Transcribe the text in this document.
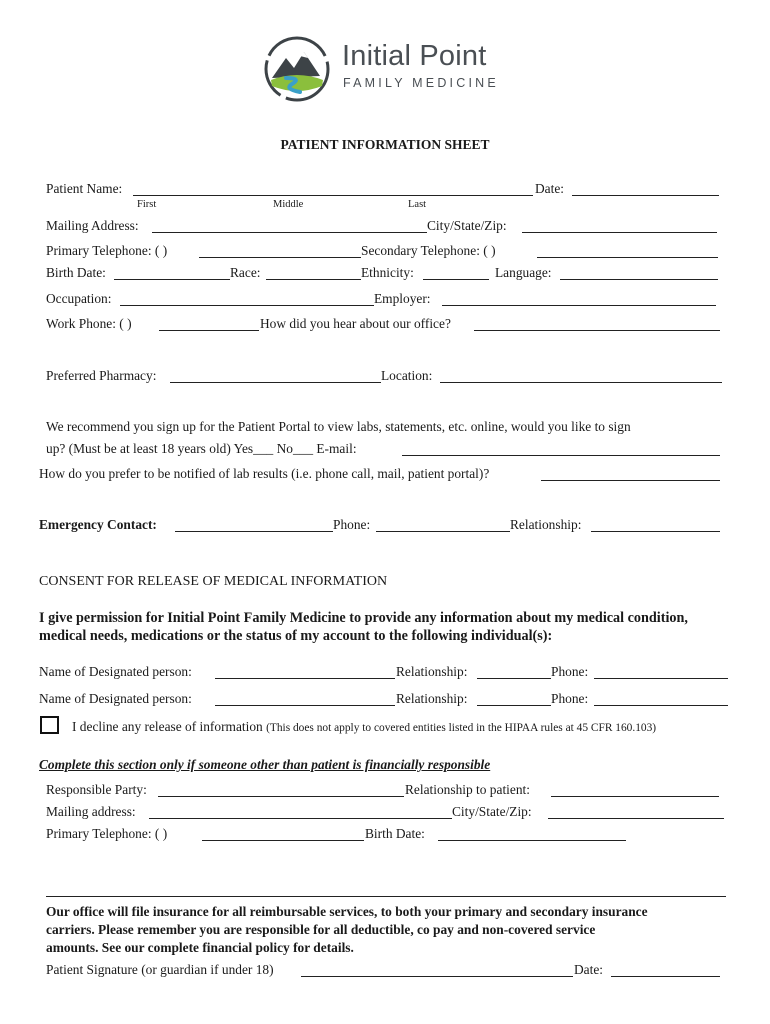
Initial Point
FAMILY MEDICINE
PATIENT INFORMATION SHEET
Patient Name:	Date:
First	Middle	Last
Mailing Address:	City/State/Zip:
Primary Telephone: ( )	Secondary Telephone: ( )
Birth Date:	Race:	Ethnicity:	Language:
Occupation:	Employer:
Work Phone: ( )	How did you hear about our office?
Preferred Pharmacy:	Location:
We recommend you sign up for the Patient Portal to view labs, statements, etc. online, would you like to sign
up? (Must be at least 18 years old) Yes___ No___ E-mail:
How do you prefer to be notified of lab results (i.e. phone call, mail, patient portal)?
Emergency Contact:	Phone:	Relationship:
CONSENT FOR RELEASE OF MEDICAL INFORMATION
I give permission for Initial Point Family Medicine to provide any information about my medical condition,
medical needs, medications or the status of my account to the following individual(s):
Name of Designated person:	Relationship:	Phone:
Name of Designated person:	Relationship:	Phone:
I decline any release of information (This does not apply to covered entities listed in the HIPAA rules at 45 CFR 160.103)
Complete this section only if someone other than patient is financially responsible
Responsible Party:	Relationship to patient:
Mailing address:	City/State/Zip:
Primary Telephone: ( )	Birth Date:
Our office will file insurance for all reimbursable services, to both your primary and secondary insurance
carriers. Please remember you are responsible for all deductible, co pay and non-covered service
amounts. See our complete financial policy for details.
Patient Signature (or guardian if under 18)	Date:
